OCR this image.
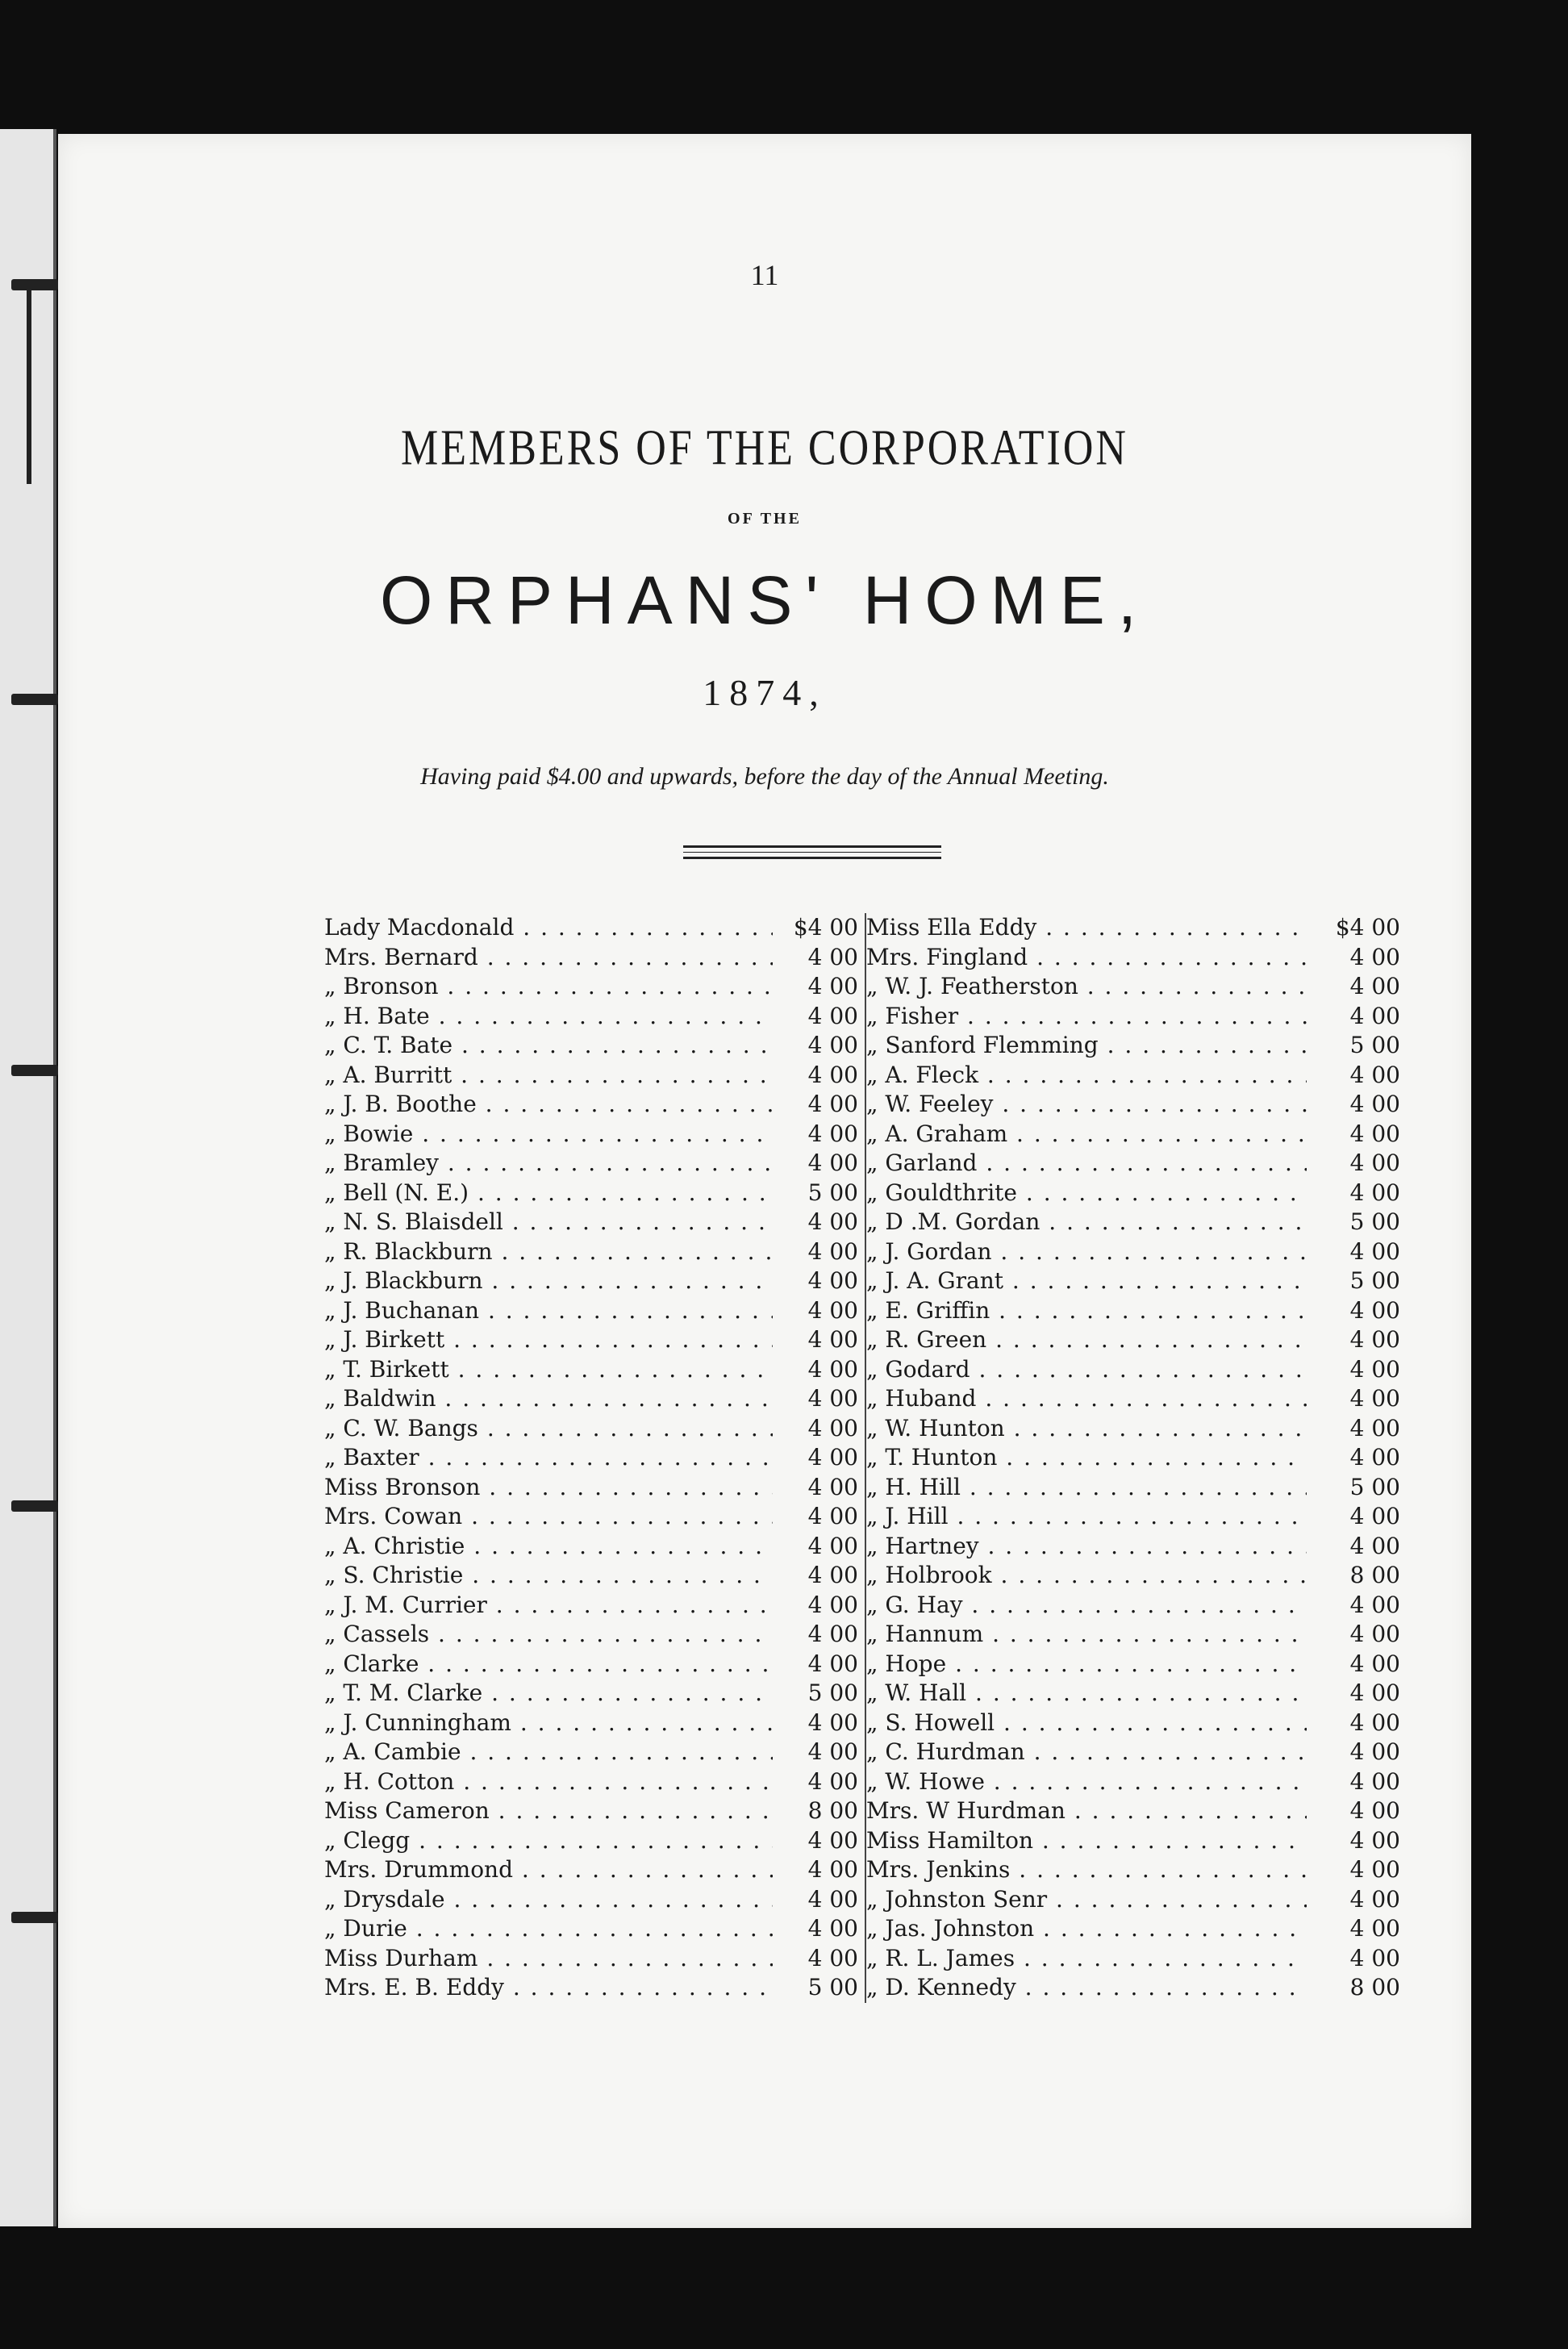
11
MEMBERS OF THE CORPORATION
OF THE
ORPHANS' HOME,
1874,
Having paid $4.00 and upwards, before the day of the Annual Meeting.
Lady Macdonald . . .	$4 00
Mrs. Bernard . . .	4 00
„ Bronson . . .	4 00
„ H. Bate . . .	4 00
„ C. T. Bate . . .	4 00
„ A. Burritt . . .	4 00
„ J. B. Boothe . . .	4 00
„ Bowie . . .	4 00
„ Bramley . . .	4 00
„ Bell (N. E.) . . .	5 00
„ N. S. Blaisdell . . .	4 00
„ R. Blackburn . . .	4 00
„ J. Blackburn . . .	4 00
„ J. Buchanan . . .	4 00
„ J. Birkett . . .	4 00
„ T. Birkett . . .	4 00
„ Baldwin . . .	4 00
„ C. W. Bangs . . .	4 00
„ Baxter . . .	4 00
Miss Bronson . . .	4 00
Mrs. Cowan . . .	4 00
„ A. Christie . . .	4 00
„ S. Christie . . .	4 00
„ J. M. Currier . . .	4 00
„ Cassels . . .	4 00
„ Clarke . . .	4 00
„ T. M. Clarke . . .	5 00
„ J. Cunningham . . .	4 00
„ A. Cambie . . .	4 00
„ H. Cotton . . .	4 00
Miss Cameron . . .	8 00
„ Clegg . . .	4 00
Mrs. Drummond . . .	4 00
„ Drysdale . . .	4 00
„ Durie . . .	4 00
Miss Durham . . .	4 00
Mrs. E. B. Eddy . . .	5 00
Miss Ella Eddy . . .	$4 00
Mrs. Fingland . . .	4 00
„ W. J. Featherston . . .	4 00
„ Fisher . . .	4 00
„ Sanford Flemming . . .	5 00
„ A. Fleck . . .	4 00
„ W. Feeley . . .	4 00
„ A. Graham . . .	4 00
„ Garland . . .	4 00
„ Gouldthrite . . .	4 00
„ D .M. Gordan . . .	5 00
„ J. Gordan . . .	4 00
„ J. A. Grant . . .	5 00
„ E. Griffin . . .	4 00
„ R. Green . . .	4 00
„ Godard . . .	4 00
„ Huband . . .	4 00
„ W. Hunton . . .	4 00
„ T. Hunton . . .	4 00
„ H. Hill . . .	5 00
„ J. Hill . . .	4 00
„ Hartney . . .	4 00
„ Holbrook . . .	8 00
„ G. Hay . . .	4 00
„ Hannum . . .	4 00
„ Hope . . .	4 00
„ W. Hall . . .	4 00
„ S. Howell . . .	4 00
„ C. Hurdman . . .	4 00
„ W. Howe . . .	4 00
Mrs. W Hurdman . . .	4 00
Miss Hamilton . . .	4 00
Mrs. Jenkins . . .	4 00
„ Johnston Senr . . .	4 00
„ Jas. Johnston . . .	4 00
„ R. L. James . . .	4 00
„ D. Kennedy . . .	8 00
